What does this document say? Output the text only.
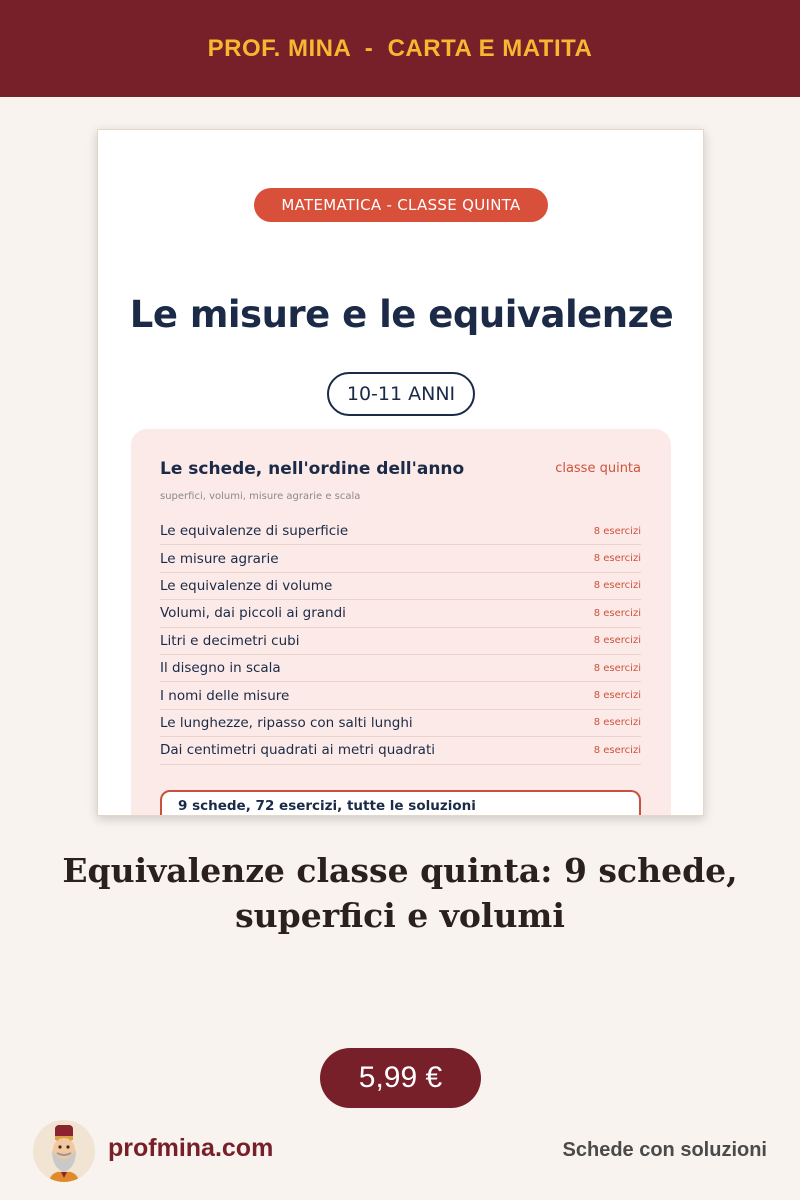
PROF. MINA  -  CARTA E MATITA
MATEMATICA - CLASSE QUINTA
Le misure e le equivalenze
10-11 ANNI
Le schede, nell'ordine dell'anno	classe quinta
superfici, volumi, misure agrarie e scala
Le equivalenze di superficie	8 esercizi
Le misure agrarie	8 esercizi
Le equivalenze di volume	8 esercizi
Volumi, dai piccoli ai grandi	8 esercizi
Litri e decimetri cubi	8 esercizi
Il disegno in scala	8 esercizi
I nomi delle misure	8 esercizi
Le lunghezze, ripasso con salti lunghi	8 esercizi
Dai centimetri quadrati ai metri quadrati	8 esercizi
9 schede, 72 esercizi, tutte le soluzioni
Equivalenze classe quinta: 9 schede, superfici e volumi
5,99 €
profmina.com	Schede con soluzioni
